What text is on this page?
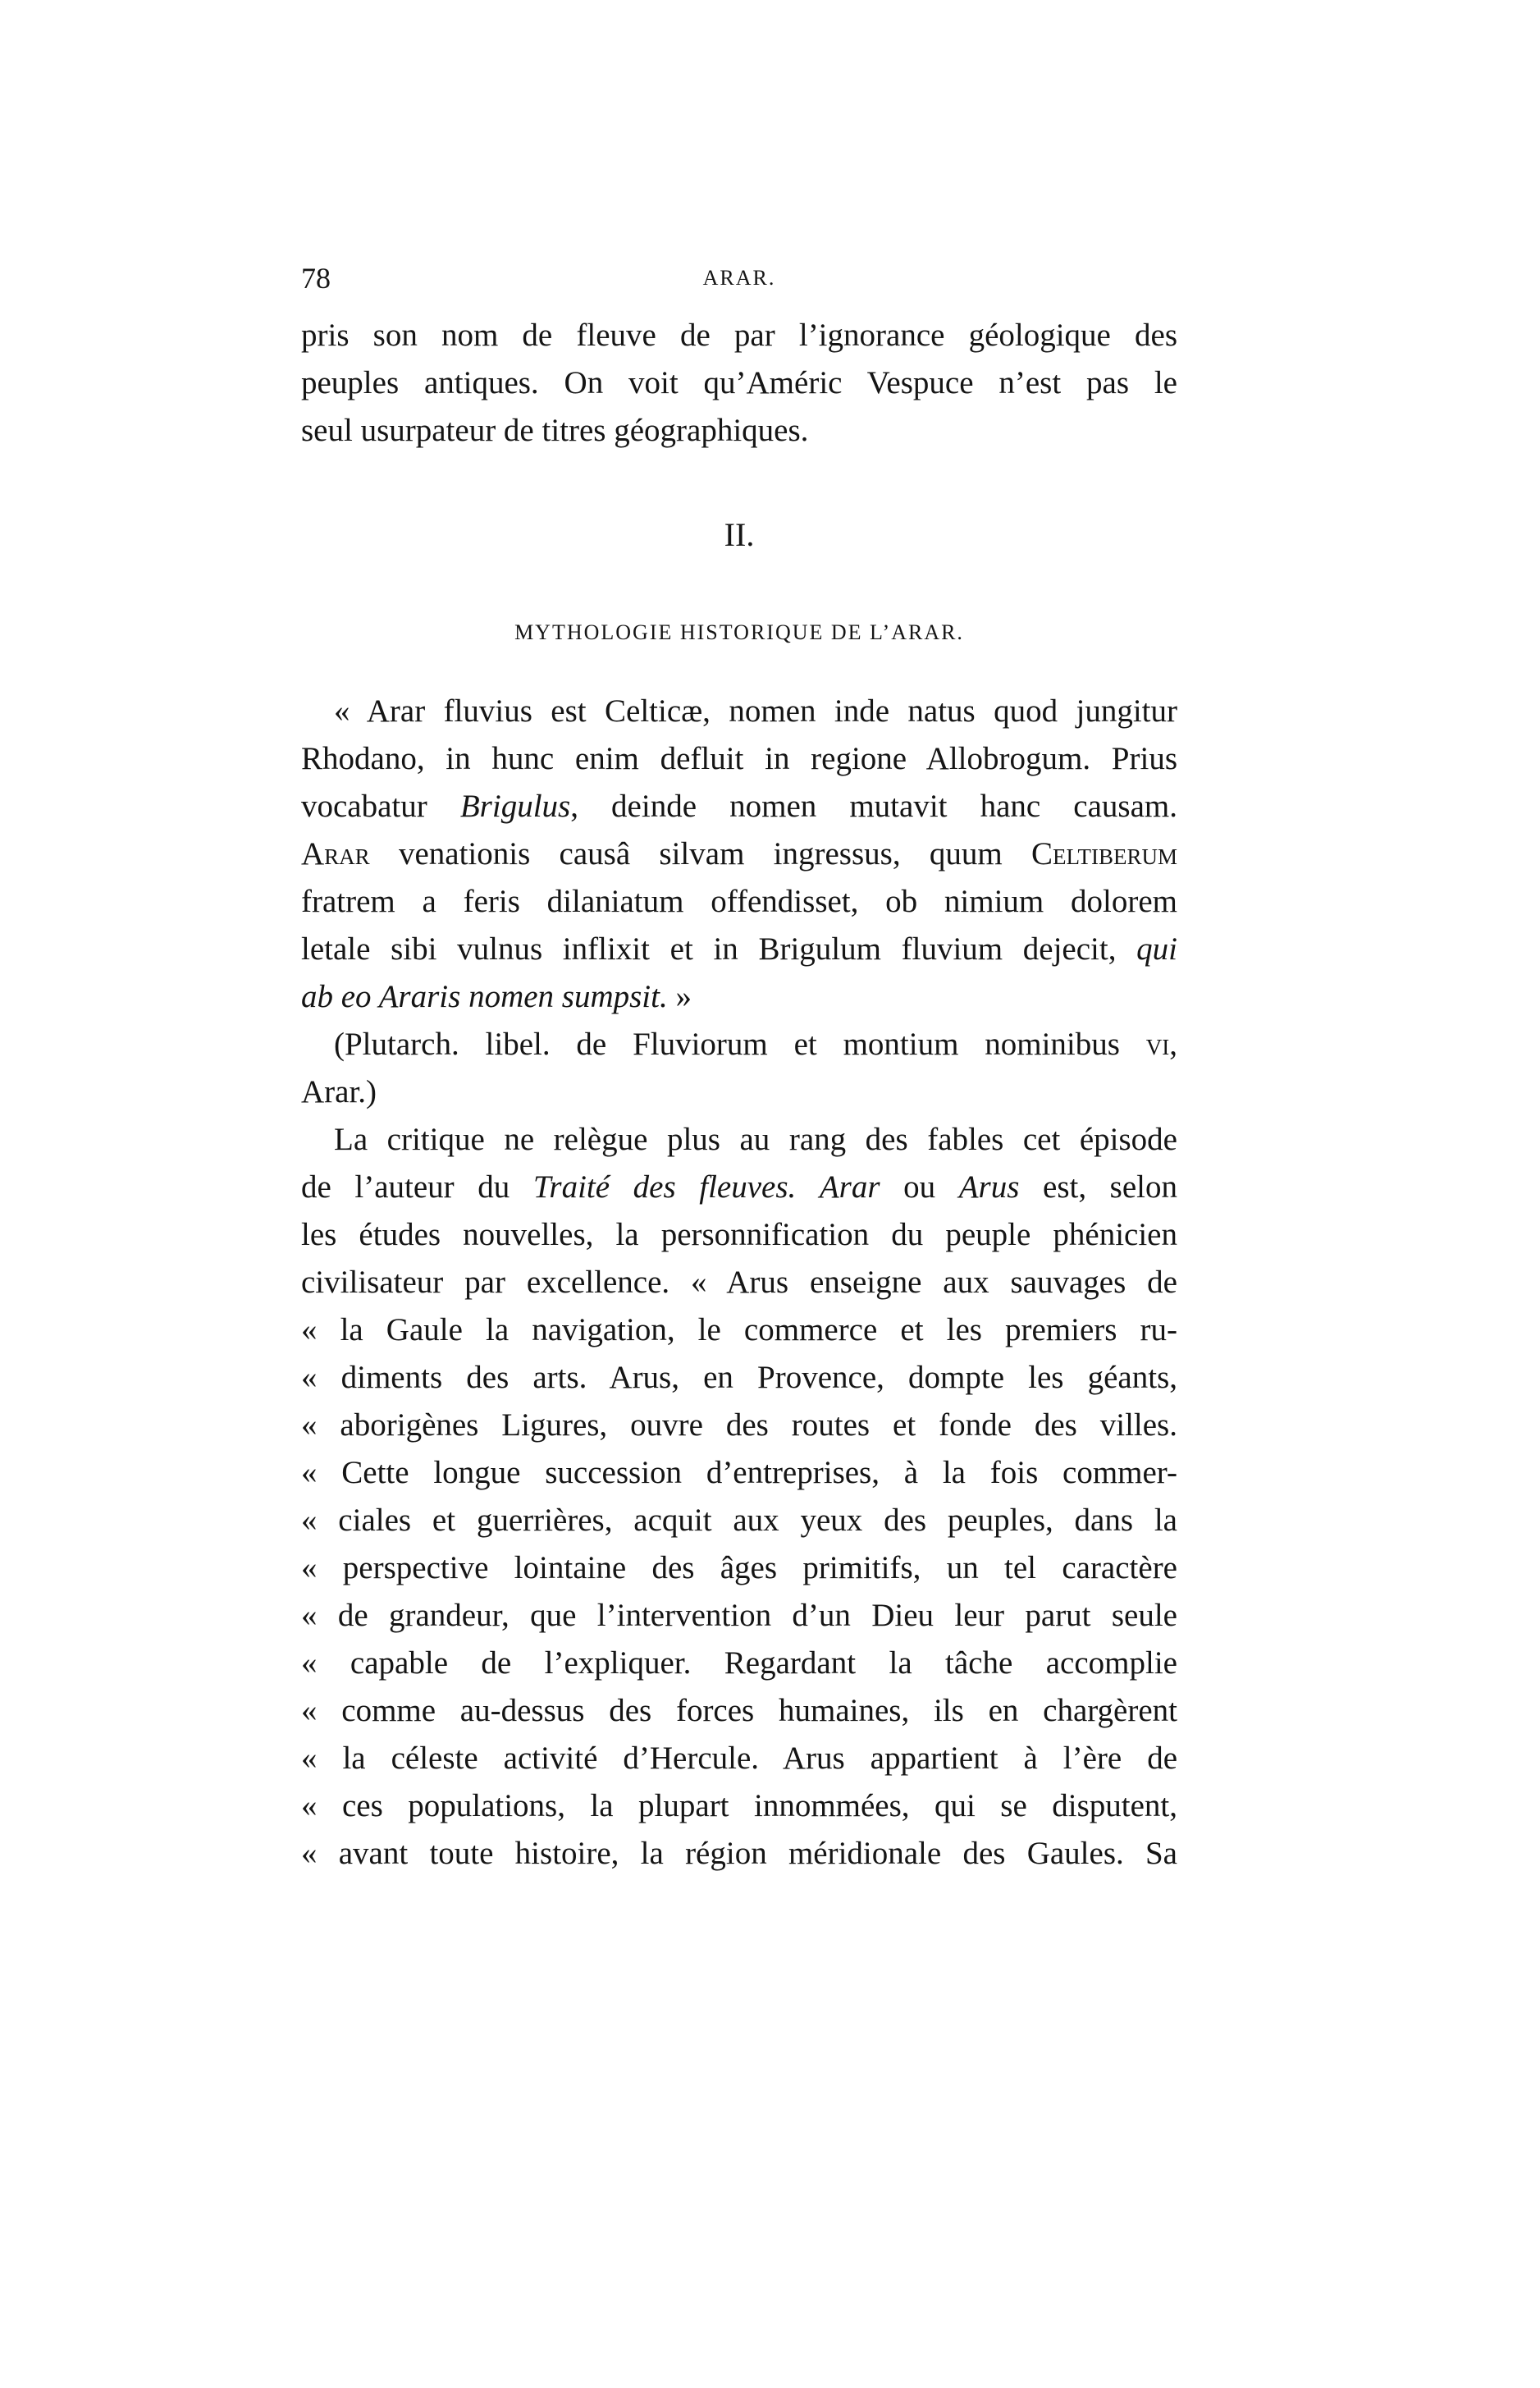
78	ARAR.
pris son nom de fleuve de par l’ignorance géologique des
peuples antiques. On voit qu’Améric Vespuce n’est pas le
seul usurpateur de titres géographiques.
II.
MYTHOLOGIE HISTORIQUE DE L’ARAR.
« Arar fluvius est Celticæ, nomen inde natus quod jungitur
Rhodano, in hunc enim defluit in regione Allobrogum. Prius
vocabatur Brigulus, deinde nomen mutavit hanc causam.
Arar venationis causâ silvam ingressus, quum Celtiberum
fratrem a feris dilaniatum offendisset, ob nimium dolorem
letale sibi vulnus inflixit et in Brigulum fluvium dejecit, qui
ab eo Araris nomen sumpsit. »
(Plutarch. libel. de Fluviorum et montium nominibus vi,
Arar.)
La critique ne relègue plus au rang des fables cet épisode
de l’auteur du Traité des fleuves. Arar ou Arus est, selon
les études nouvelles, la personnification du peuple phénicien
civilisateur par excellence. « Arus enseigne aux sauvages de
« la Gaule la navigation, le commerce et les premiers ru-
« diments des arts. Arus, en Provence, dompte les géants,
« aborigènes Ligures, ouvre des routes et fonde des villes.
« Cette longue succession d’entreprises, à la fois commer-
« ciales et guerrières, acquit aux yeux des peuples, dans la
« perspective lointaine des âges primitifs, un tel caractère
« de grandeur, que l’intervention d’un Dieu leur parut seule
« capable de l’expliquer. Regardant la tâche accomplie
« comme au-dessus des forces humaines, ils en chargèrent
« la céleste activité d’Hercule. Arus appartient à l’ère de
« ces populations, la plupart innommées, qui se disputent,
« avant toute histoire, la région méridionale des Gaules. Sa
